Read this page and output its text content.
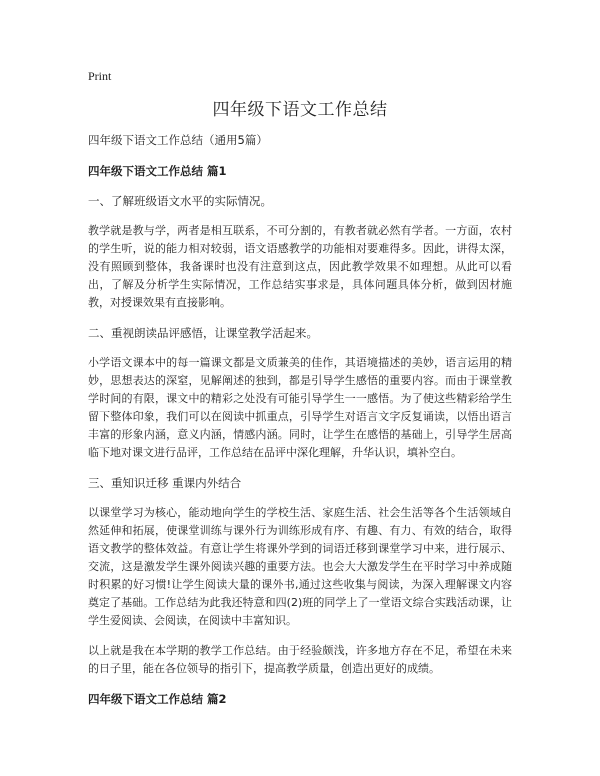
Print
四年级下语文工作总结
四年级下语文工作总结（通用5篇）
四年级下语文工作总结 篇1
一、了解班级语文水平的实际情况。
教学就是教与学，两者是相互联系，不可分割的，有教者就必然有学者。一方面，农村的学生听，说的能力相对较弱，语文语感教学的功能相对要难得多。因此，讲得太深，没有照顾到整体，我备课时也没有注意到这点，因此教学效果不如理想。从此可以看出，了解及分析学生实际情况，工作总结实事求是，具体问题具体分析，做到因材施教，对授课效果有直接影响。
二、重视朗读品评感悟，让课堂教学活起来。
小学语文课本中的每一篇课文都是文质兼美的佳作，其语境描述的美妙，语言运用的精妙，思想表达的深窒，见解阐述的独到，都是引导学生感悟的重要内容。而由于课堂教学时间的有限，课文中的精彩之处没有可能引导学生一一感悟。为了使这些精彩给学生留下整体印象，我们可以在阅读中抓重点，引导学生对语言文字反复诵读，以悟出语言丰富的形象内涵，意义内涵，情感内涵。同时，让学生在感悟的基础上，引导学生居高临下地对课文进行品评，工作总结在品评中深化理解，升华认识，填补空白。
三、重知识迁移 重课内外结合
以课堂学习为核心，能动地向学生的学校生活、家庭生活、社会生活等各个生活领域自然延伸和拓展，使课堂训练与课外行为训练形成有序、有趣、有力、有效的结合，取得语文教学的整体效益。有意让学生将课外学到的词语迁移到课堂学习中来，进行展示、交流，这是激发学生课外阅读兴趣的重要方法。也会大大激发学生在平时学习中养成随时积累的好习惯!让学生阅读大量的课外书,通过这些收集与阅读，为深入理解课文内容奠定了基础。工作总结为此我还特意和四(2)班的同学上了一堂语文综合实践活动课，让学生爱阅读、会阅读，在阅读中丰富知识。
以上就是我在本学期的教学工作总结。由于经验颇浅，许多地方存在不足，希望在未来的日子里，能在各位领导的指引下，提高教学质量，创造出更好的成绩。
四年级下语文工作总结 篇2
